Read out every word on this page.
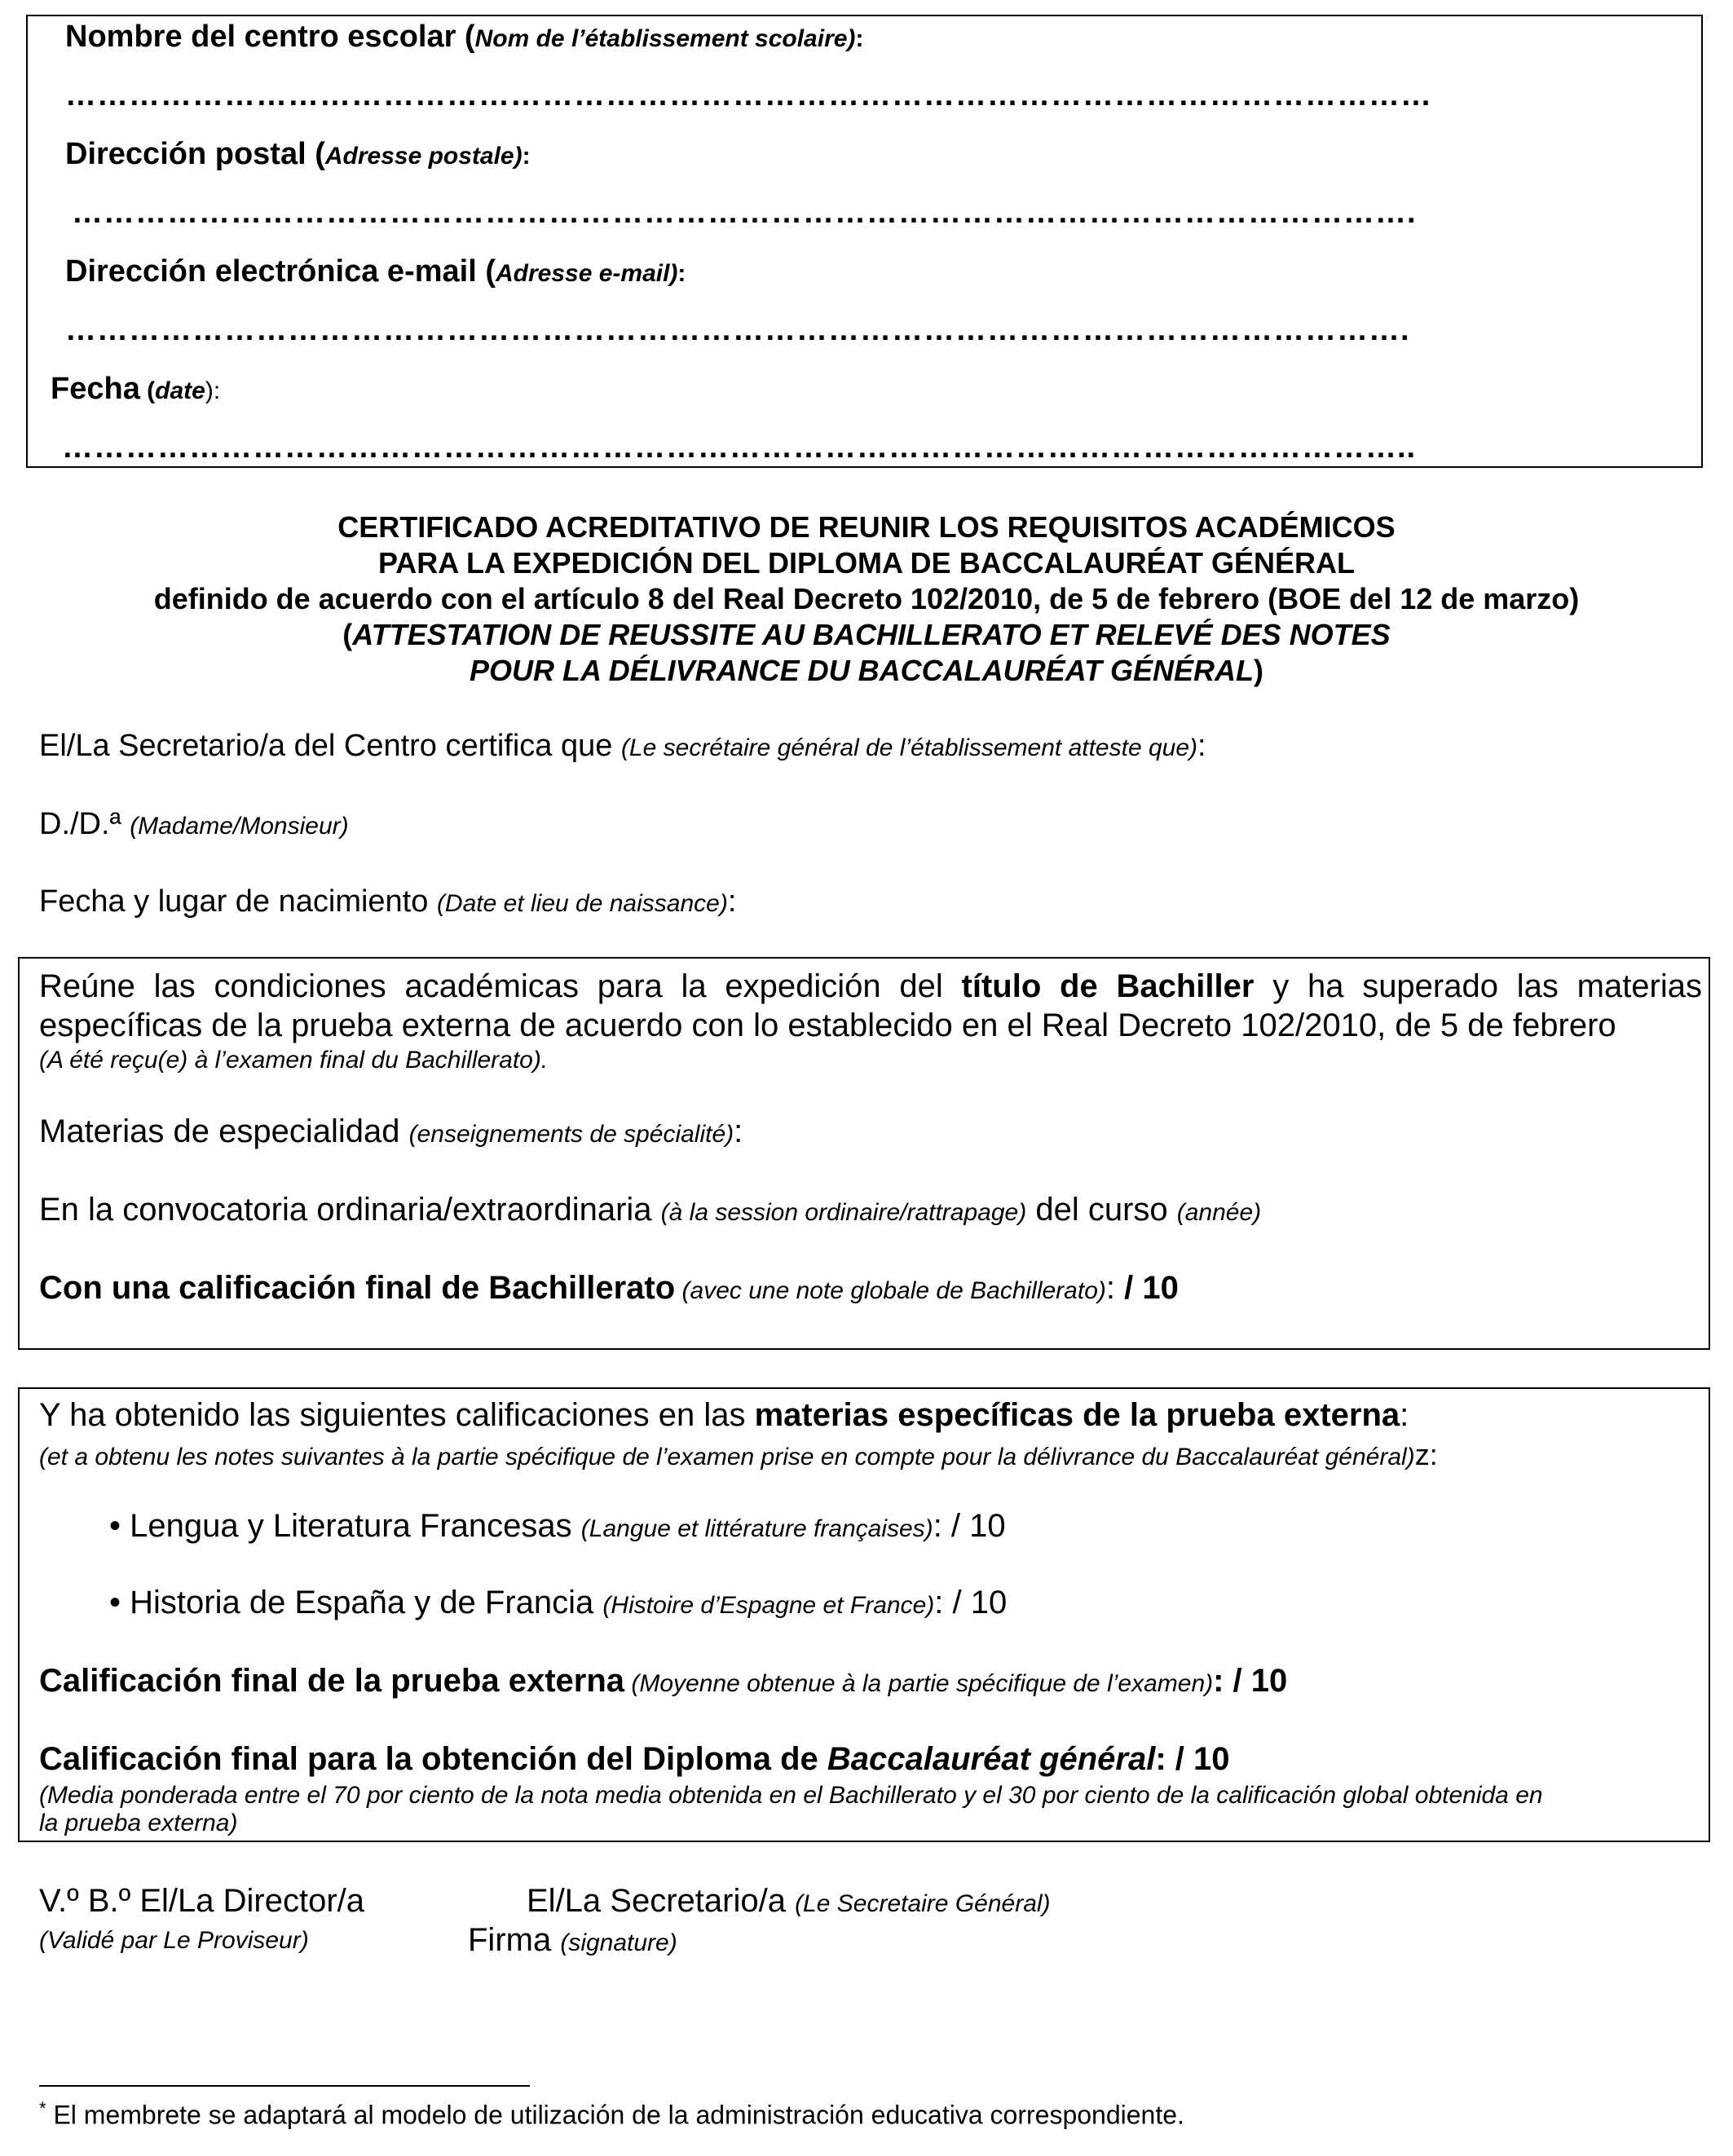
Nombre del centro escolar (Nom de l’établissement scolaire):
…………………………………………………………………………………………………………………
Dirección postal (Adresse postale):
……………………………………………………………………………………………………………….
Dirección electrónica e-mail (Adresse e-mail):
……………………………………………………………………………………………………………….
Fecha (date):
………………………………………………………………………………………………………………..
CERTIFICADO ACREDITATIVO DE REUNIR LOS REQUISITOS ACADÉMICOS
PARA LA EXPEDICIÓN DEL DIPLOMA DE BACCALAURÉAT GÉNÉRAL
definido de acuerdo con el artículo 8 del Real Decreto 102/2010, de 5 de febrero (BOE del 12 de marzo)
(ATTESTATION DE REUSSITE AU BACHILLERATO ET RELEVÉ DES NOTES
POUR LA DÉLIVRANCE DU BACCALAURÉAT GÉNÉRAL)
El/La Secretario/a del Centro certifica que (Le secrétaire général de l’établissement atteste que):
D./D.ª (Madame/Monsieur)
Fecha y lugar de nacimiento (Date et lieu de naissance):
Reúne las condiciones académicas para la expedición del título de Bachiller y ha superado las materias
específicas de la prueba externa de acuerdo con lo establecido en el Real Decreto 102/2010, de 5 de febrero
(A été reçu(e) à l’examen final du Bachillerato).
Materias de especialidad (enseignements de spécialité):
En la convocatoria ordinaria/extraordinaria (à la session ordinaire/rattrapage) del curso (année)
Con una calificación final de Bachillerato (avec une note globale de Bachillerato): / 10
Y ha obtenido las siguientes calificaciones en las materias específicas de la prueba externa:
(et a obtenu les notes suivantes à la partie spécifique de l’examen prise en compte pour la délivrance du Baccalauréat général)z:
• Lengua y Literatura Francesas (Langue et littérature françaises): / 10
• Historia de España y de Francia (Histoire d’Espagne et France): / 10
Calificación final de la prueba externa (Moyenne obtenue à la partie spécifique de l’examen): / 10
Calificación final para la obtención del Diploma de Baccalauréat général: / 10
(Media ponderada entre el 70 por ciento de la nota media obtenida en el Bachillerato y el 30 por ciento de la calificación global obtenida en
la prueba externa)
V.º B.º El/La Director/a
(Validé par Le Proviseur)
El/La Secretario/a (Le Secretaire Général)
Firma (signature)
* El membrete se adaptará al modelo de utilización de la administración educativa correspondiente.
